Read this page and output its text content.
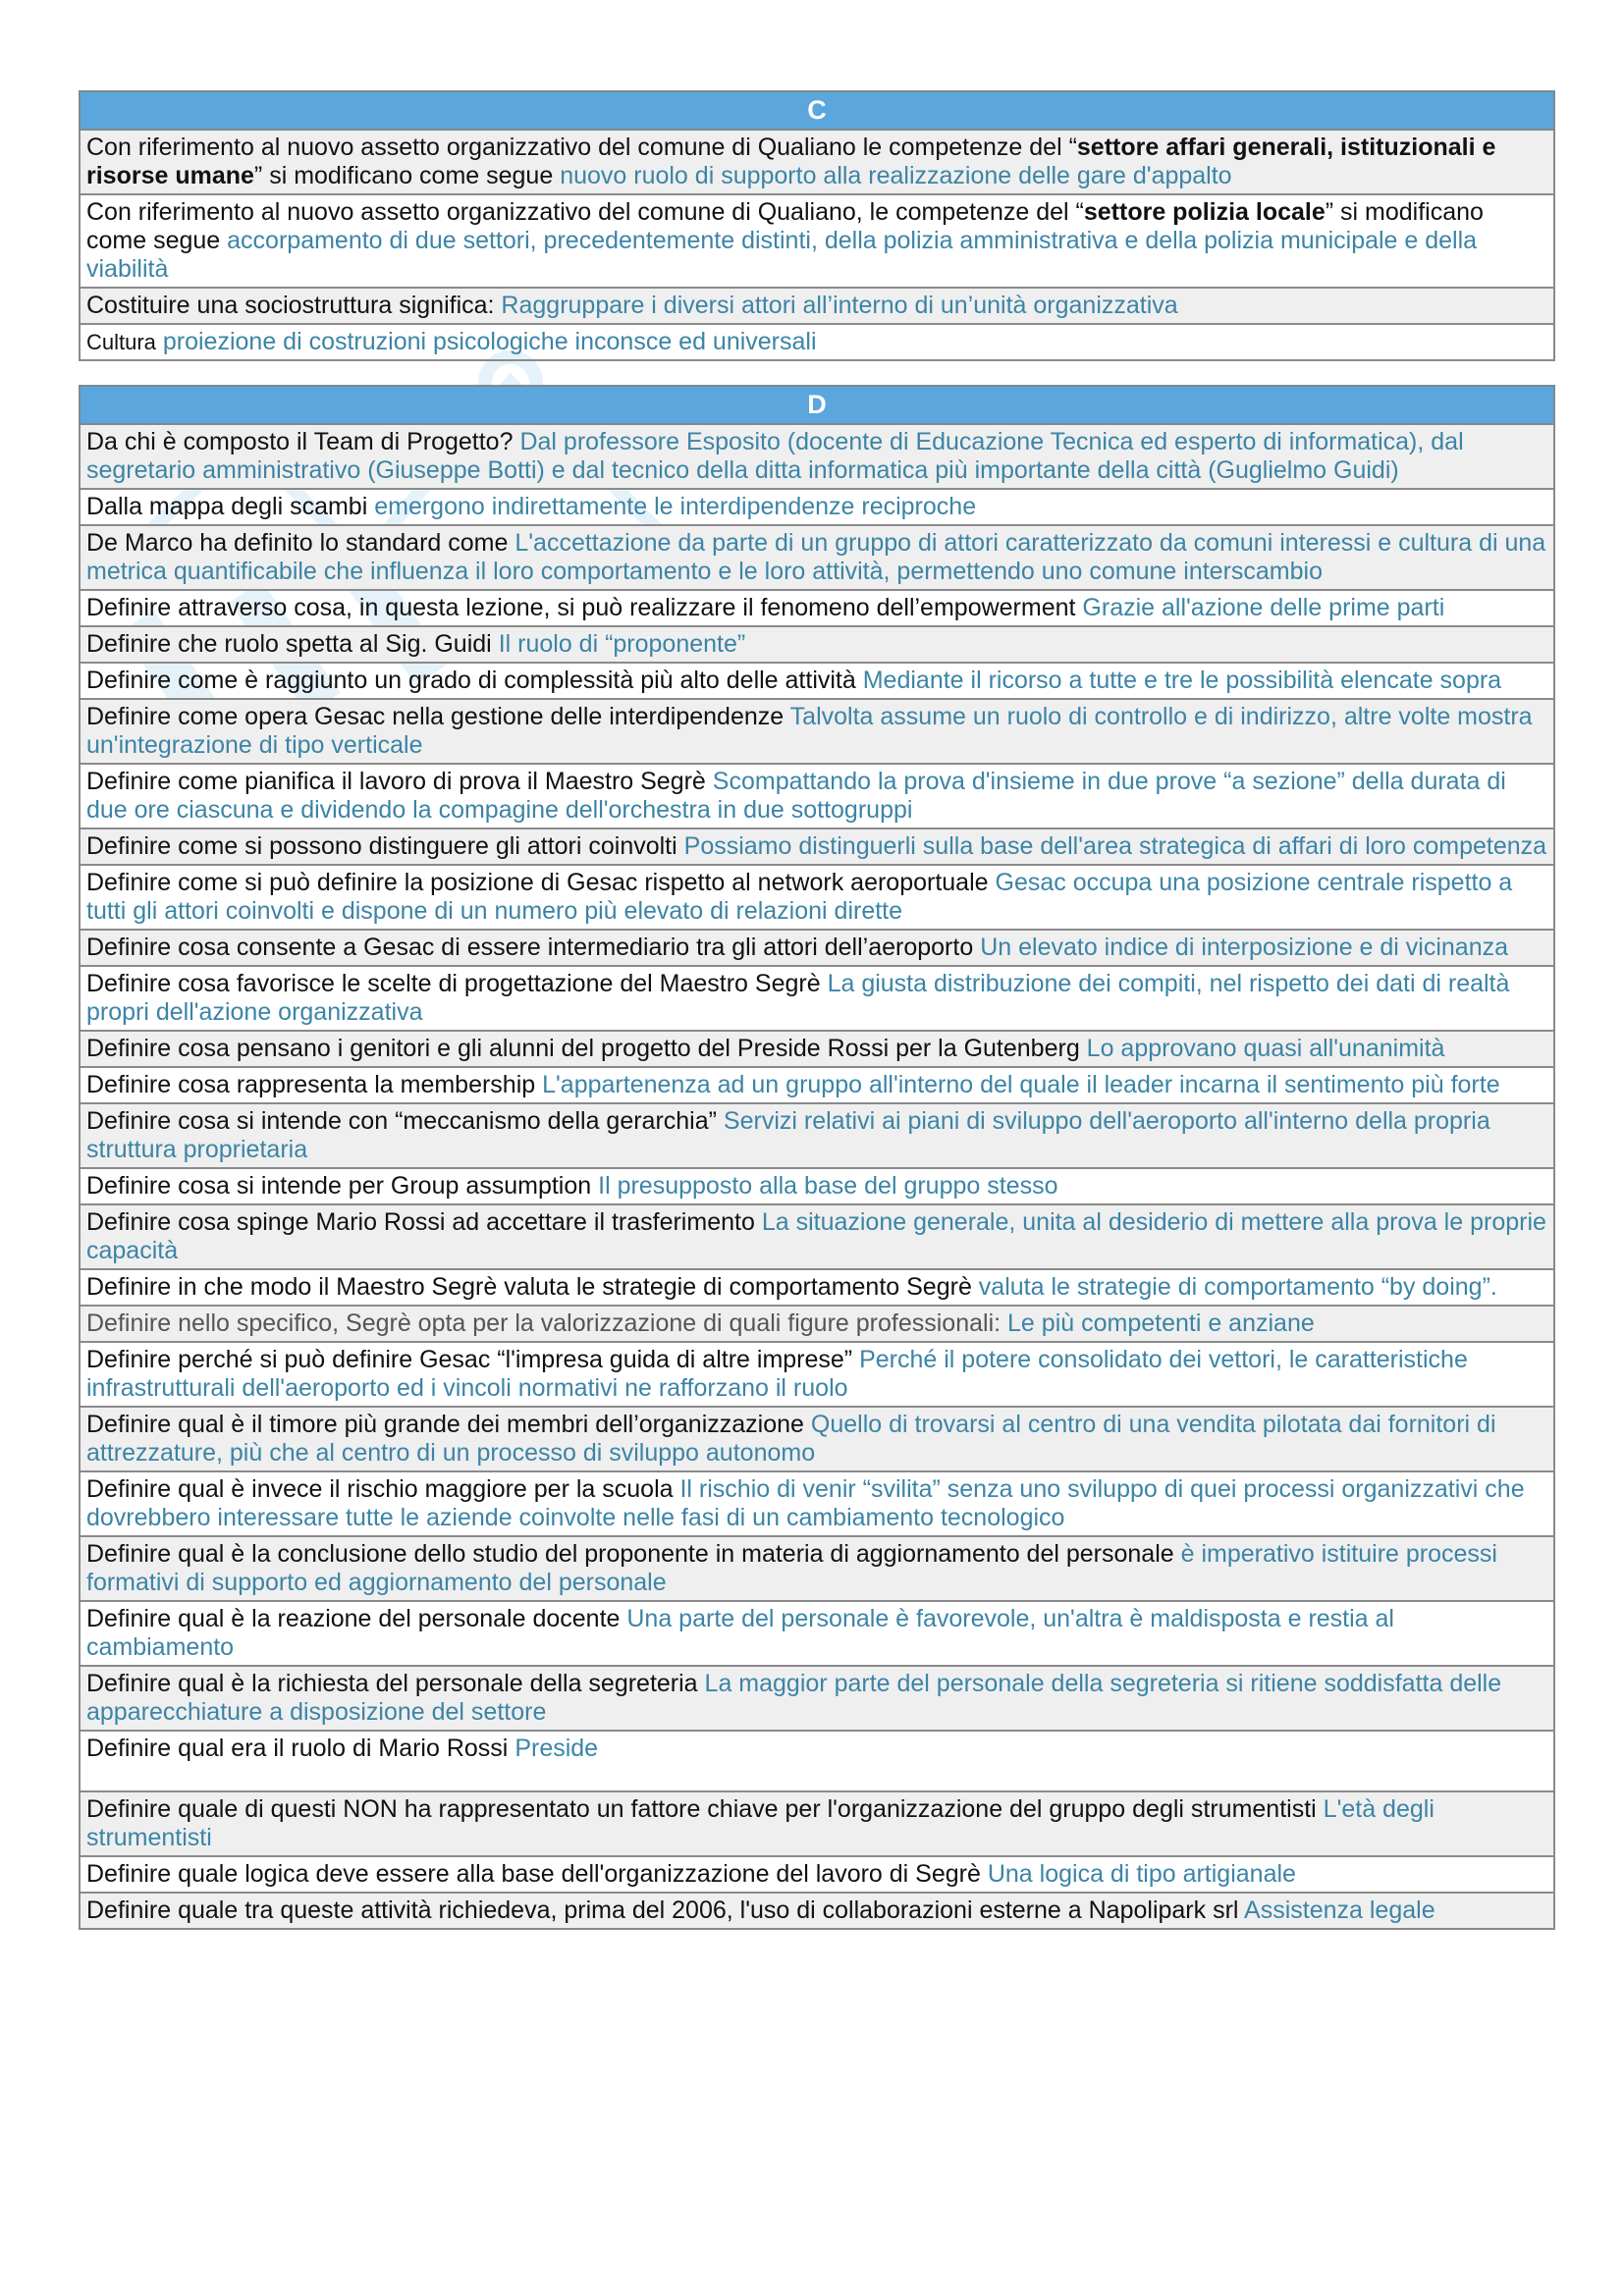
C
Con riferimento al nuovo assetto organizzativo del comune di Qualiano le competenze del “settore affari generali, istituzionali e risorse umane” si modificano come segue nuovo ruolo di supporto alla realizzazione delle gare d'appalto
Con riferimento al nuovo assetto organizzativo del comune di Qualiano, le competenze del “settore polizia locale” si modificano come segue accorpamento di due settori, precedentemente distinti, della polizia amministrativa e della polizia municipale e della viabilità
Costituire una sociostruttura significa: Raggruppare i diversi attori all’interno di un’unità organizzativa
Cultura proiezione di costruzioni psicologiche inconsce ed universali
D
Da chi è composto il Team di Progetto? Dal professore Esposito (docente di Educazione Tecnica ed esperto di informatica), dal segretario amministrativo (Giuseppe Botti) e dal tecnico della ditta informatica più importante della città (Guglielmo Guidi)
Dalla mappa degli scambi emergono indirettamente le interdipendenze reciproche
De Marco ha definito lo standard come L'accettazione da parte di un gruppo di attori caratterizzato da comuni interessi e cultura di una metrica quantificabile che influenza il loro comportamento e le loro attività, permettendo uno comune interscambio
Definire attraverso cosa, in questa lezione, si può realizzare il fenomeno dell’empowerment Grazie all'azione delle prime parti
Definire che ruolo spetta al Sig. Guidi Il ruolo di “proponente”
Definire come è raggiunto un grado di complessità più alto delle attività Mediante il ricorso a tutte e tre le possibilità elencate sopra
Definire come opera Gesac nella gestione delle interdipendenze Talvolta assume un ruolo di controllo e di indirizzo, altre volte mostra un'integrazione di tipo verticale
Definire come pianifica il lavoro di prova il Maestro Segrè Scompattando la prova d'insieme in due prove “a sezione” della durata di due ore ciascuna e dividendo la compagine dell'orchestra in due sottogruppi
Definire come si possono distinguere gli attori coinvolti Possiamo distinguerli sulla base dell'area strategica di affari di loro competenza
Definire come si può definire la posizione di Gesac rispetto al network aeroportuale Gesac occupa una posizione centrale rispetto a tutti gli attori coinvolti e dispone di un numero più elevato di relazioni dirette
Definire cosa consente a Gesac di essere intermediario tra gli attori dell’aeroporto Un elevato indice di interposizione e di vicinanza
Definire cosa favorisce le scelte di progettazione del Maestro Segrè La giusta distribuzione dei compiti, nel rispetto dei dati di realtà propri dell'azione organizzativa
Definire cosa pensano i genitori e gli alunni del progetto del Preside Rossi per la Gutenberg Lo approvano quasi all'unanimità
Definire cosa rappresenta la membership L'appartenenza ad un gruppo all'interno del quale il leader incarna il sentimento più forte
Definire cosa si intende con “meccanismo della gerarchia” Servizi relativi ai piani di sviluppo dell'aeroporto all'interno della propria struttura proprietaria
Definire cosa si intende per Group assumption Il presupposto alla base del gruppo stesso
Definire cosa spinge Mario Rossi ad accettare il trasferimento La situazione generale, unita al desiderio di mettere alla prova le proprie capacità
Definire in che modo il Maestro Segrè valuta le strategie di comportamento Segrè valuta le strategie di comportamento “by doing”.
Definire nello specifico, Segrè opta per la valorizzazione di quali figure professionali: Le più competenti e anziane
Definire perché si può definire Gesac “l'impresa guida di altre imprese” Perché il potere consolidato dei vettori, le caratteristiche infrastrutturali dell'aeroporto ed i vincoli normativi ne rafforzano il ruolo
Definire qual è il timore più grande dei membri dell’organizzazione Quello di trovarsi al centro di una vendita pilotata dai fornitori di attrezzature, più che al centro di un processo di sviluppo autonomo
Definire qual è invece il rischio maggiore per la scuola Il rischio di venir “svilita” senza uno sviluppo di quei processi organizzativi che dovrebbero interessare tutte le aziende coinvolte nelle fasi di un cambiamento tecnologico
Definire qual è la conclusione dello studio del proponente in materia di aggiornamento del personale è imperativo istituire processi formativi di supporto ed aggiornamento del personale
Definire qual è la reazione del personale docente Una parte del personale è favorevole, un'altra è maldisposta e restia al cambiamento
Definire qual è la richiesta del personale della segreteria La maggior parte del personale della segreteria si ritiene soddisfatta delle apparecchiature a disposizione del settore
Definire qual era il ruolo di Mario Rossi Preside
Definire quale di questi NON ha rappresentato un fattore chiave per l'organizzazione del gruppo degli strumentisti L'età degli strumentisti
Definire quale logica deve essere alla base dell'organizzazione del lavoro di Segrè Una logica di tipo artigianale
Definire quale tra queste attività richiedeva, prima del 2006, l'uso di collaborazioni esterne a Napolipark srl Assistenza legale
